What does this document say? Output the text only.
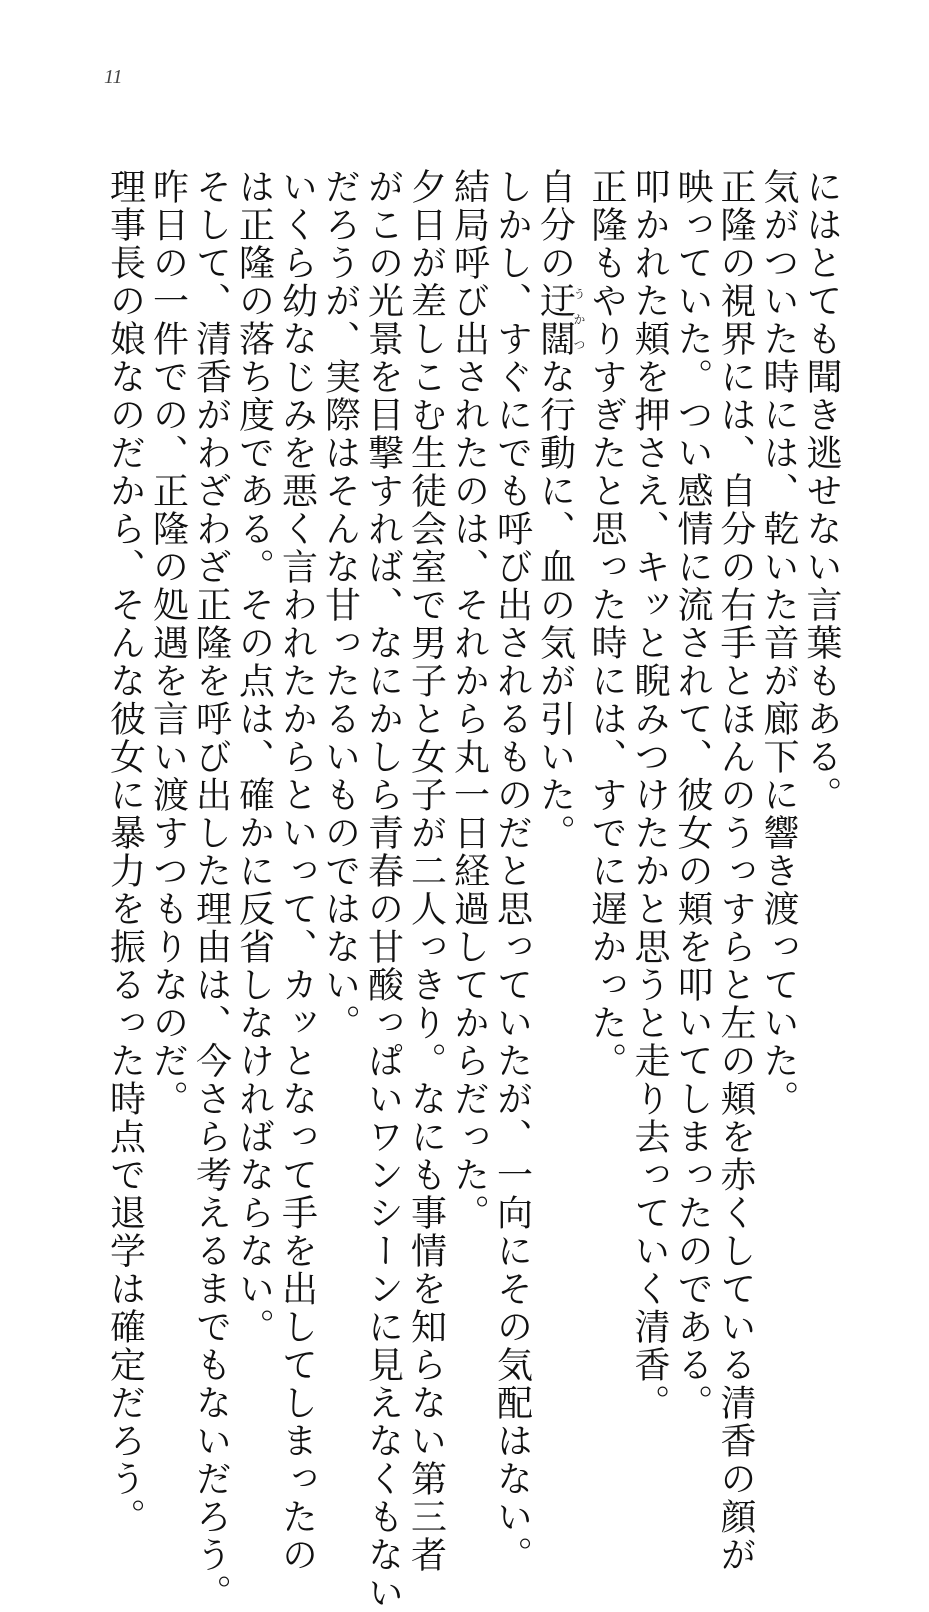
11
にはとても聞き逃せない言葉もある。
気がついた時には、乾いた音が廊下に響き渡っていた。
正隆の視界には、自分の右手とほんのうっすらと左の頬を赤くしている清香の顔が
映っていた。つい感情に流されて、彼女の頬を叩いてしまったのである。
叩かれた頬を押さえ、キッと睨みつけたかと思うと走り去っていく清香。
正隆もやりすぎたと思った時には、すでに遅かった。
自分の迂闊うかつな行動に、血の気が引いた。
しかし、すぐにでも呼び出されるものだと思っていたが、一向にその気配はない。
結局呼び出されたのは、それから丸一日経過してからだった。
夕日が差しこむ生徒会室で男子と女子が二人っきり。なにも事情を知らない第三者
がこの光景を目撃すれば、なにかしら青春の甘酸っぱいワンシーンに見えなくもない
だろうが、実際はそんな甘ったるいものではない。
いくら幼なじみを悪く言われたからといって、カッとなって手を出してしまったの
は正隆の落ち度である。その点は、確かに反省しなければならない。
そして、清香がわざわざ正隆を呼び出した理由は、今さら考えるまでもないだろう。
昨日の一件での、正隆の処遇を言い渡すつもりなのだ。
理事長の娘なのだから、そんな彼女に暴力を振るった時点で退学は確定だろう。
